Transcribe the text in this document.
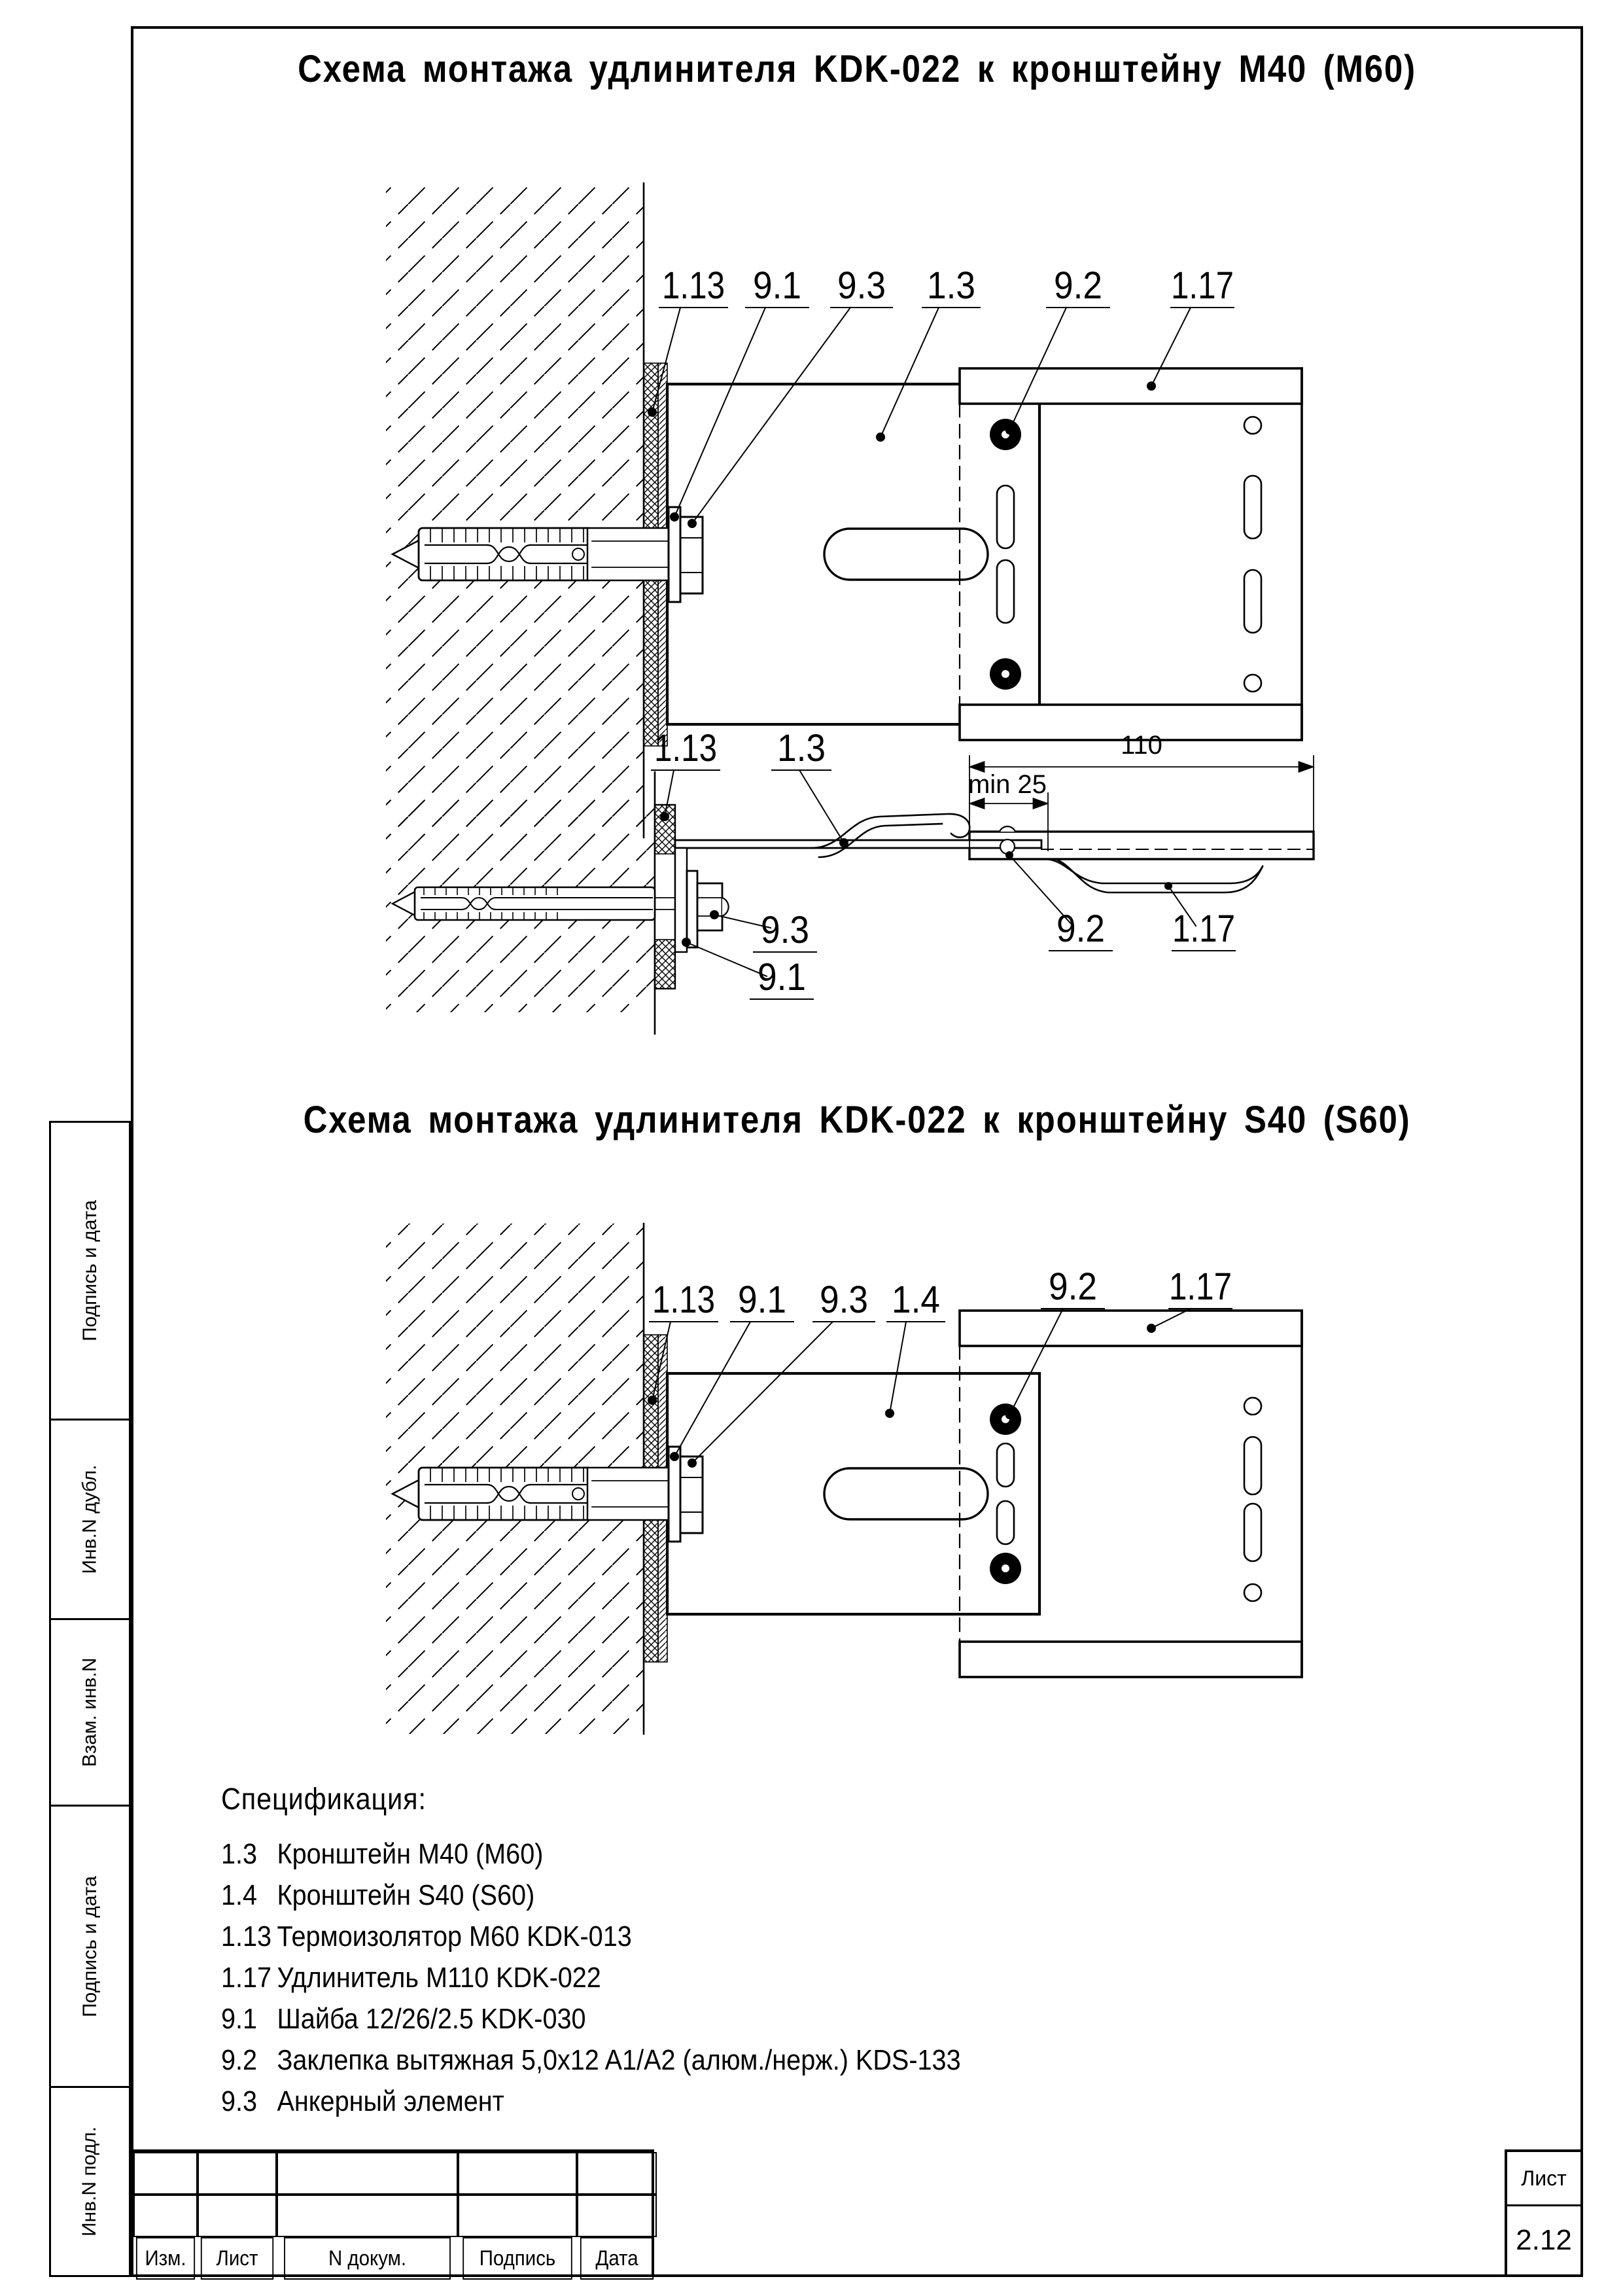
Схема монтажа удлинителя KDK-022 к кронштейну M40 (M60)
Схема монтажа удлинителя KDK-022 к кронштейну S40 (S60)
1.13 9.1 9.3 1.3 9.2 1.17
110
min 25
1.13 1.3
9.3
9.1
9.2 1.17
1.13 9.1 9.3 1.4	9.2 1.17
Спецификация:
1.3 Кронштейн M40 (M60)
1.4 Кронштейн S40 (S60)
1.13 Термоизолятор M60 KDK-013
1.17 Удлинитель M110 KDK-022
9.1 Шайба 12/26/2.5 KDK-030
9.2 Заклепка вытяжная 5,0x12 A1/A2 (алюм./нерж.) KDS-133
9.3 Анкерный элемент
Подпись и дата
Инв.N дубл.
Взам. инв.N
Подпись и дата
Инв.N подл.
Изм.	Лист	N докум.	Подпись	Дата
Лист
2.12
